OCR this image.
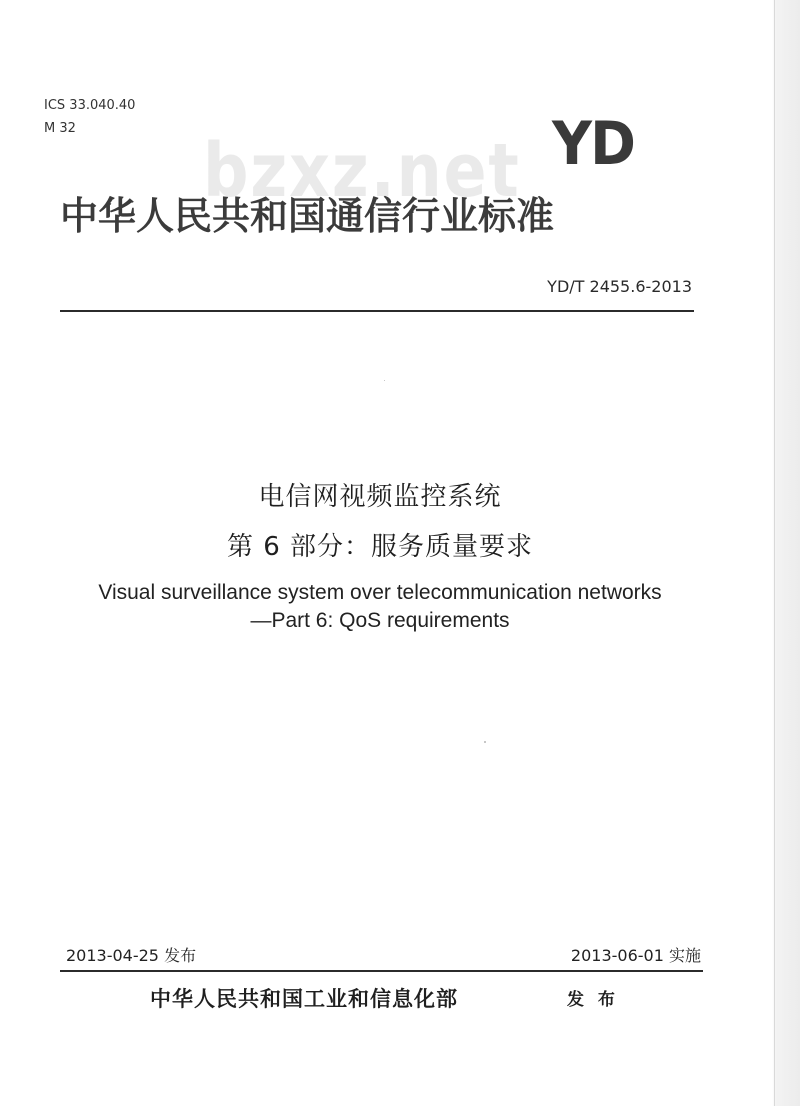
ICS 33.040.40
M 32 bzxz.net YD
中华人民共和国通信行业标准
YD/T 2455.6-2013
电信网视频监控系统
第 6 部分：服务质量要求
Visual surveillance system over telecommunication networks
—Part 6: QoS requirements
2013-04-25 发布	2013-06-01 实施
中华人民共和国工业和信息化部	发 布
